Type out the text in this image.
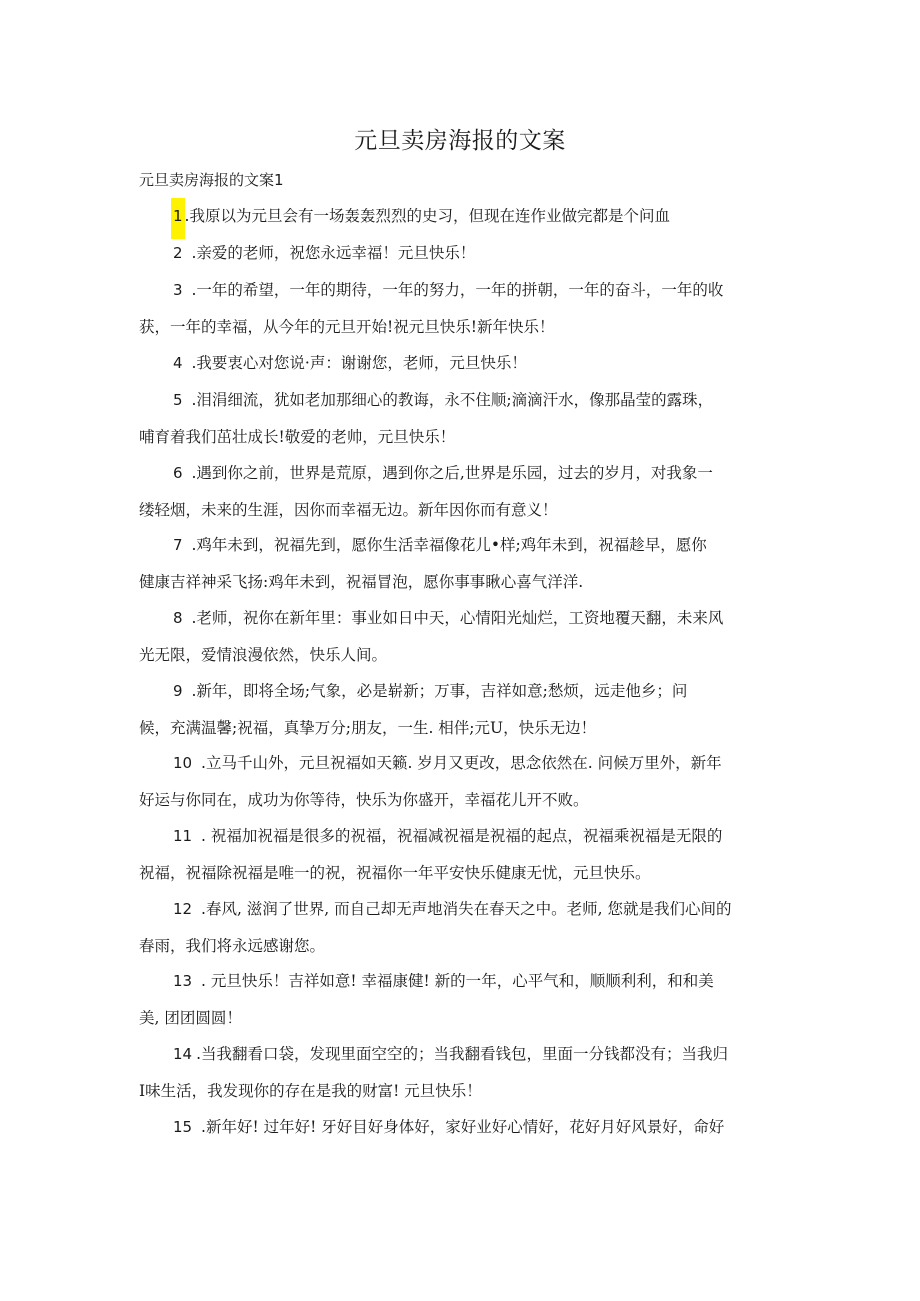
元旦卖房海报的文案

元旦卖房海报的文案1

1 .我原以为元旦会有一场轰轰烈烈的史习，但现在连作业做完都是个问血

2 .亲爱的老师，祝您永远幸福！元旦快乐！

3 .一年的希望，一年的期待，一年的努力，一年的拼朝，一年的奋斗，一年的收
获，一年的幸福，从今年的元旦开始!祝元旦快乐!新年快乐！

4 .我要衷心对您说·声：谢谢您，老师，元旦快乐！

5 .泪涓细流，犹如老加那细心的教诲，永不住顺;滴滴汗水，像那晶莹的露珠，
哺育着我们茁壮成长!敬爱的老帅，元旦快乐！

6 .遇到你之前，世界是荒原，遇到你之后,世界是乐园，过去的岁月，对我象一
缕轻烟，未来的生涯，因你而幸福无边。新年因你而有意义！

7 .鸡年未到，祝福先到，愿你生活幸福像花儿•样;鸡年未到，祝福趁早，愿你
健康吉祥神采飞扬:鸡年未到，祝福冒泡，愿你事事瞅心喜气洋洋.

8 .老师，祝你在新年里：事业如日中天，心情阳光灿烂，工资地覆天翻，未来风
光无限，爱情浪漫依然，快乐人间。

9 .新年，即将全场;气象，必是崭新；万事，吉祥如意;愁烦，远走他乡；问
候，充满温馨;祝福，真挚万分;朋友，一生. 相伴;元U，快乐无边！

10 .立马千山外，元旦祝福如天籁. 岁月又更改，思念依然在. 问候万里外，新年
好运与你同在，成功为你等待，快乐为你盛开，幸福花儿开不败。

11 . 祝福加祝福是很多的祝福，祝福减祝福是祝福的起点，祝福乘祝福是无限的
祝福，祝福除祝福是唯一的祝，祝福你一年平安快乐健康无忧，元旦快乐。

12 .春风, 滋润了世界, 而自己却无声地消失在春天之中。老师, 您就是我们心间的
春雨，我们将永远感谢您。

13 . 元旦快乐！吉祥如意! 幸福康健! 新的一年，心平气和，顺顺利利，和和美
美, 团团圆圆！

14 .当我翻看口袋，发现里面空空的；当我翻看钱包，里面一分钱都没有；当我归
I味生活，我发现你的存在是我的财富! 元旦快乐！

15 .新年好! 过年好! 牙好目好身体好，家好业好心情好，花好月好风景好，命好
